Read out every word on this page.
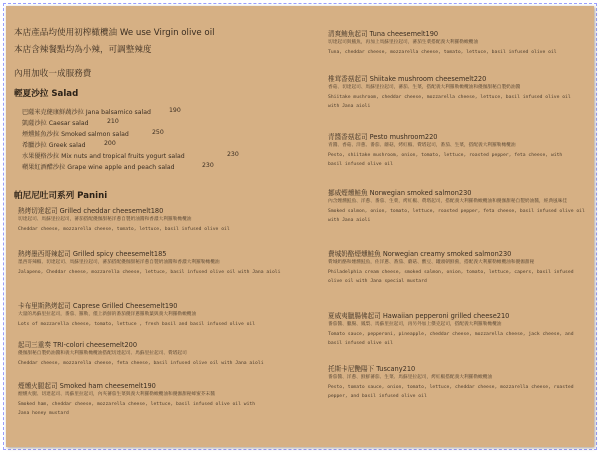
本店產品均使用初榨橄欖油 We use Virgin olive oil
本店含辣餐點均為小辣，可調整辣度
內用加收一成服務費
輕夏沙拉 Salad
巴薩米克健康鮮蔬沙拉 Jana balsamico salad	190
凱薩沙拉 Caesar salad	210
煙燻鮭魚沙拉 Smoked salmon salad	250
希臘沙拉 Greek salad	200
水果優格沙拉 Mix nuts and tropical fruits yogurt salad	230
蘋果紅酒醋沙拉 Grape wine apple and peach salad	230
帕尼尼吐司系列 Panini
熱烤切達起司 Grilled cheddar cheesemelt180
切達起司、馬蘇里拉起司，蕃茄搭配優伽甜秘洋蔥自製奶油醬和香濃大利羅勒橄欖油
Cheddar cheese, mozzarella cheese, tomato, lettuce, basil infused olive oil
熱烤墨西哥辣起司 Grilled spicy cheesemelt185
墨西哥辣椒、切達起司、馬蘇里拉起司，蕃茄搭配優伽甜秘洋蔥自製奶油醬和香濃大利羅勒橄欖油
Jalapeno, Cheddar cheese, mozzarella cheese, lettuce, basil infused olive oil with Jana aioli
卡布里斯熱烤起司 Caprese Grilled Cheesemelt190
大量的馬蘇里拉起司，番茄、羅勒，僅上新鮮的番茄優洋蔥羅勒葉與義大利羅勒橄欖油
Lots of mozzarella cheese, tomato, lettuce , fresh basil and basil infused olive oil
起司三重奏 TRI-colori cheesemelt200
優伽甜秘自製奶油醬和義大利羅勒橄欖油搭配切達起司、馬蘇里拉起司、費塔起司
Cheddar cheese, mozzarella cheese, feta cheese, basil infused olive oil with Jana aioli
煙燻火腿起司 Smoked ham cheesemelt190
煙燻火腿、切達起司、馬蘇里拉起司，內夾蕃茄生菜與義大利羅勒橄欖油和優伽甜秘蜂蜜芥末醬
Smoked ham, cheddar cheese, mozzarella cheese, lettuce, basil infused olive oil with
Jana honey mustard
清爽鮪魚起司 Tuna cheesemelt190
切達起司與鮪魚，再加上馬蘇里拉起司，蕃茄生菜搭配義大利羅勒橄欖油
Tuna, cheddar cheese, mozzarella cheese, tomato, lettuce, basil infused olive oil
椎茸香菇起司 Shiitake mushroom cheesemelt220
香菇、切達起司、馬蘇里拉起司，蕃茄、生菜，搭配義大利羅勒橄欖油和優伽甜秘自製奶油醬
Shiitake mushroom, cheddar cheese, mozzarella cheese, lettuce, basil infused olive oil
with Jana aioli
青醬香菇起司 Pesto mushroom220
青醬、香菇、洋蔥、番茄、蘑菇，烤紅椒、費塔起司，番茄、生菜，搭配義大利羅勒橄欖油
Pesto, shiitake mushroom, onion, tomato, lettuce, roasted pepper, feta cheese, with
basil infused olive oil
挪威煙燻鮭魚 Norwegian smoked salmon230
內含煙燻鮭魚、洋蔥、番茄、生菜，烤紅椒、費塔起司，搭配義大利羅勒橄欖油和優伽甜秘自製奶油醬，經典風味佳
Smoked salmon, onion, tomato, lettuce, roasted pepper, feta cheese, basil infused olive oil
with Jana aioli
費城奶酪煙燻鮭魚 Norwegian creamy smoked salmon230
費城奶酪和煙燻鮭魚，佐洋蔥、番茄、蘑菇、酸豆、罐頭朝鮮薊，搭配義大利羅勒橄欖油和優伽甜秘
Philadelphia cream cheese, smoked salmon, onion, tomato, lettuce, capers, basil infused
olive oil with Jana special mustard
夏威夷臘腸佛起司 Hawaiian pepperoni grilled cheese210
番茄醬、臘腸、鳳梨、馬蘇里拉起司，再另外加上傑克起司，搭配義大利羅勒橄欖油
Tomato sauce, pepperoni, pineapple, cheddar cheese, mozzarella cheese, jack cheese, and
basil infused olive oil
托斯卡尼艷陽下 Tuscany210
番茄醬、洋蔥、鮮鮮蕃茄、生菜、馬蘇里拉起司，烤紅椒搭配義大利羅勒橄欖油
Pesto, tomato sauce, onion, tomato, lettuce, cheddar cheese, mozzarella cheese, roasted
pepper, and basil infused olive oil
